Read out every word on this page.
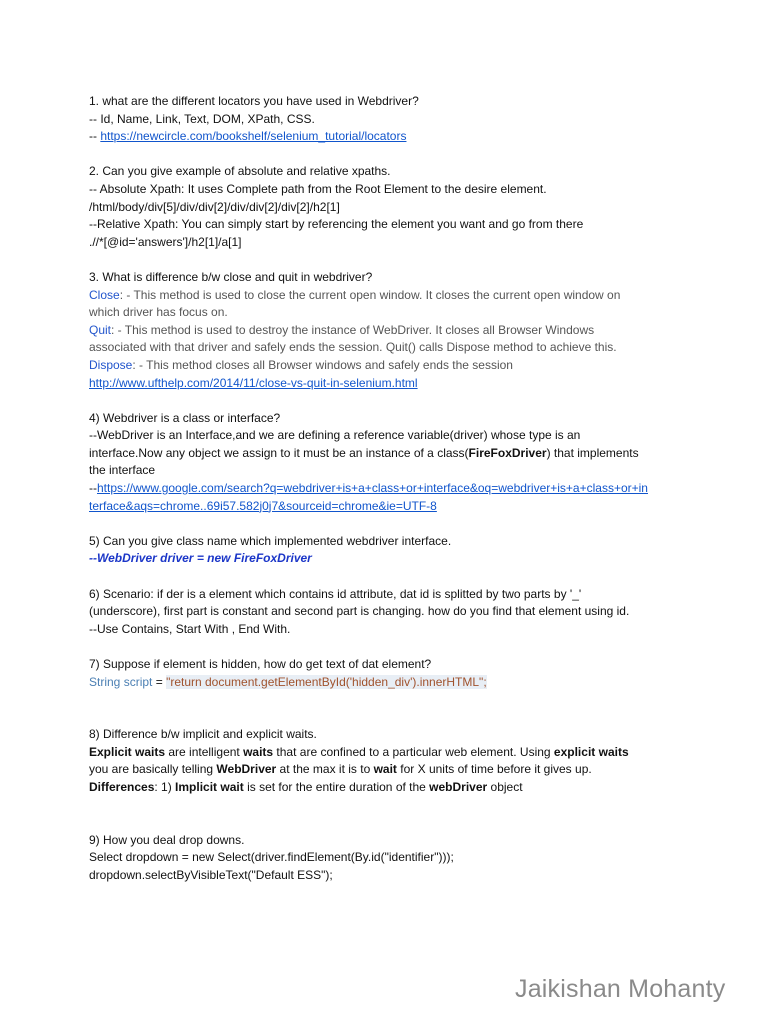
1. what are the different locators you have used in Webdriver?
-- Id, Name, Link, Text, DOM, XPath, CSS.
-- https://newcircle.com/bookshelf/selenium_tutorial/locators
2. Can you give example of absolute and relative xpaths.
-- Absolute Xpath: It uses Complete path from the Root Element to the desire element.
/html/body/div[5]/div/div[2]/div/div[2]/div[2]/h2[1]
--Relative Xpath: You can simply start by referencing the element you want and go from there
.//*[@id='answers']/h2[1]/a[1]
3. What is difference b/w close and quit in webdriver?
Close: - This method is used to close the current open window. It closes the current open window on
which driver has focus on.
Quit: - This method is used to destroy the instance of WebDriver. It closes all Browser Windows
associated with that driver and safely ends the session. Quit() calls Dispose method to achieve this.
Dispose: - This method closes all Browser windows and safely ends the session
http://www.ufthelp.com/2014/11/close-vs-quit-in-selenium.html
4) Webdriver is a class or interface?
--WebDriver is an Interface,and we are defining a reference variable(driver) whose type is an
interface.Now any object we assign to it must be an instance of a class(FireFoxDriver) that implements
the interface
--https://www.google.com/search?q=webdriver+is+a+class+or+interface&oq=webdriver+is+a+class+or+in
terface&aqs=chrome..69i57.582j0j7&sourceid=chrome&ie=UTF-8
5) Can you give class name which implemented webdriver interface.
--WebDriver driver = new FireFoxDriver
6) Scenario: if der is a element which contains id attribute, dat id is splitted by two parts by '_'
(underscore), first part is constant and second part is changing. how do you find that element using id.
--Use Contains, Start With , End With.
7) Suppose if element is hidden, how do get text of dat element?
String script = "return document.getElementById('hidden_div').innerHTML";
8) Difference b/w implicit and explicit waits.
Explicit waits are intelligent waits that are confined to a particular web element. Using explicit waits
you are basically telling WebDriver at the max it is to wait for X units of time before it gives up.
Differences: 1) Implicit wait is set for the entire duration of the webDriver object
9) How you deal drop downs.
Select dropdown = new Select(driver.findElement(By.id("identifier")));
dropdown.selectByVisibleText("Default ESS");
Jaikishan Mohanty
